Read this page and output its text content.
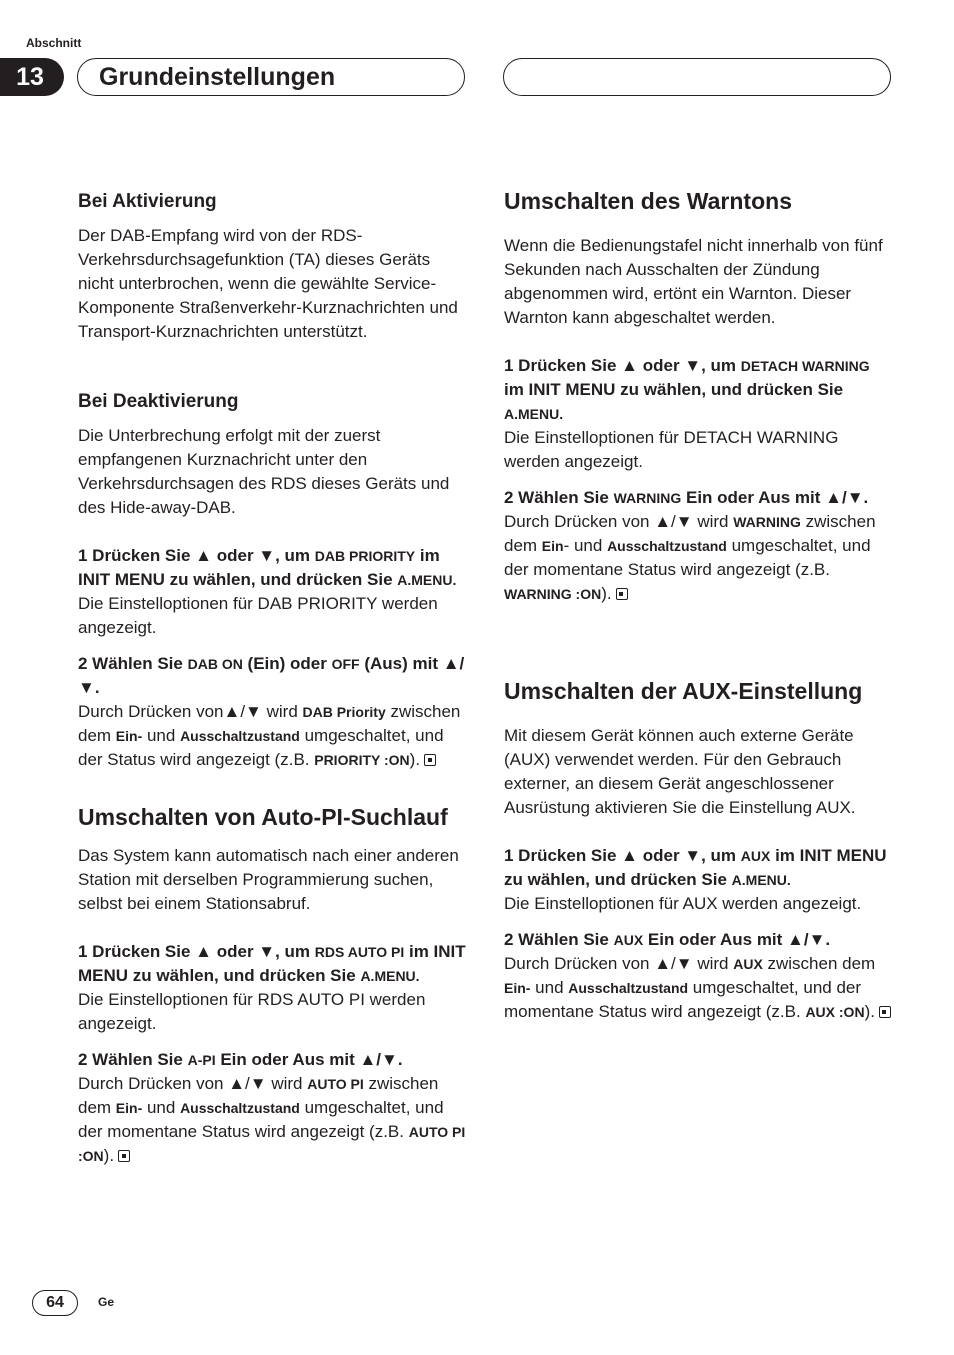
Abschnitt
13	Grundeinstellungen
Bei Aktivierung

Der DAB-Empfang wird von der RDS-Verkehrsdurchsagefunktion (TA) dieses Geräts nicht unterbrochen, wenn die gewählte Service-Komponente Straßenverkehr-Kurznachrichten und Transport-Kurznachrichten unterstützt.

Bei Deaktivierung

Die Unterbrechung erfolgt mit der zuerst empfangenen Kurznachricht unter den Verkehrsdurchsagen des RDS dieses Geräts und des Hide-away-DAB.

1 Drücken Sie ▲ oder ▼, um DAB PRIORITY im INIT MENU zu wählen, und drücken Sie A.MENU.

Die Einstelloptionen für DAB PRIORITY werden angezeigt.

2 Wählen Sie DAB ON (Ein) oder OFF (Aus) mit ▲/▼.

Durch Drücken von▲/▼ wird DAB Priority zwischen dem Ein- und Ausschaltzustand umgeschaltet, und der Status wird angezeigt (z.B. PRIORITY :ON).

Umschalten von Auto-PI-Suchlauf

Das System kann automatisch nach einer anderen Station mit derselben Programmierung suchen, selbst bei einem Stationsabruf.

1 Drücken Sie ▲ oder ▼, um RDS AUTO PI im INIT MENU zu wählen, und drücken Sie A.MENU.

Die Einstelloptionen für RDS AUTO PI werden angezeigt.

2 Wählen Sie A-PI Ein oder Aus mit ▲/▼.

Durch Drücken von ▲/▼ wird AUTO PI zwischen dem Ein- und Ausschaltzustand umgeschaltet, und der momentane Status wird angezeigt (z.B. AUTO PI :ON).

Umschalten des Warntons

Wenn die Bedienungstafel nicht innerhalb von fünf Sekunden nach Ausschalten der Zündung abgenommen wird, ertönt ein Warnton. Dieser Warnton kann abgeschaltet werden.

1 Drücken Sie ▲ oder ▼, um DETACH WARNING im INIT MENU zu wählen, und drücken Sie A.MENU.

Die Einstelloptionen für DETACH WARNING werden angezeigt.

2 Wählen Sie WARNING Ein oder Aus mit ▲/▼.

Durch Drücken von ▲/▼ wird WARNING zwischen dem Ein- und Ausschaltzustand umgeschaltet, und der momentane Status wird angezeigt (z.B. WARNING :ON).

Umschalten der AUX-Einstellung

Mit diesem Gerät können auch externe Geräte (AUX) verwendet werden. Für den Gebrauch externer, an diesem Gerät angeschlossener Ausrüstung aktivieren Sie die Einstellung AUX.

1 Drücken Sie ▲ oder ▼, um AUX im INIT MENU zu wählen, und drücken Sie A.MENU.

Die Einstelloptionen für AUX werden angezeigt.

2 Wählen Sie AUX Ein oder Aus mit ▲/▼.

Durch Drücken von ▲/▼ wird AUX zwischen dem Ein- und Ausschaltzustand umgeschaltet, und der momentane Status wird angezeigt (z.B. AUX :ON).

64	Ge
